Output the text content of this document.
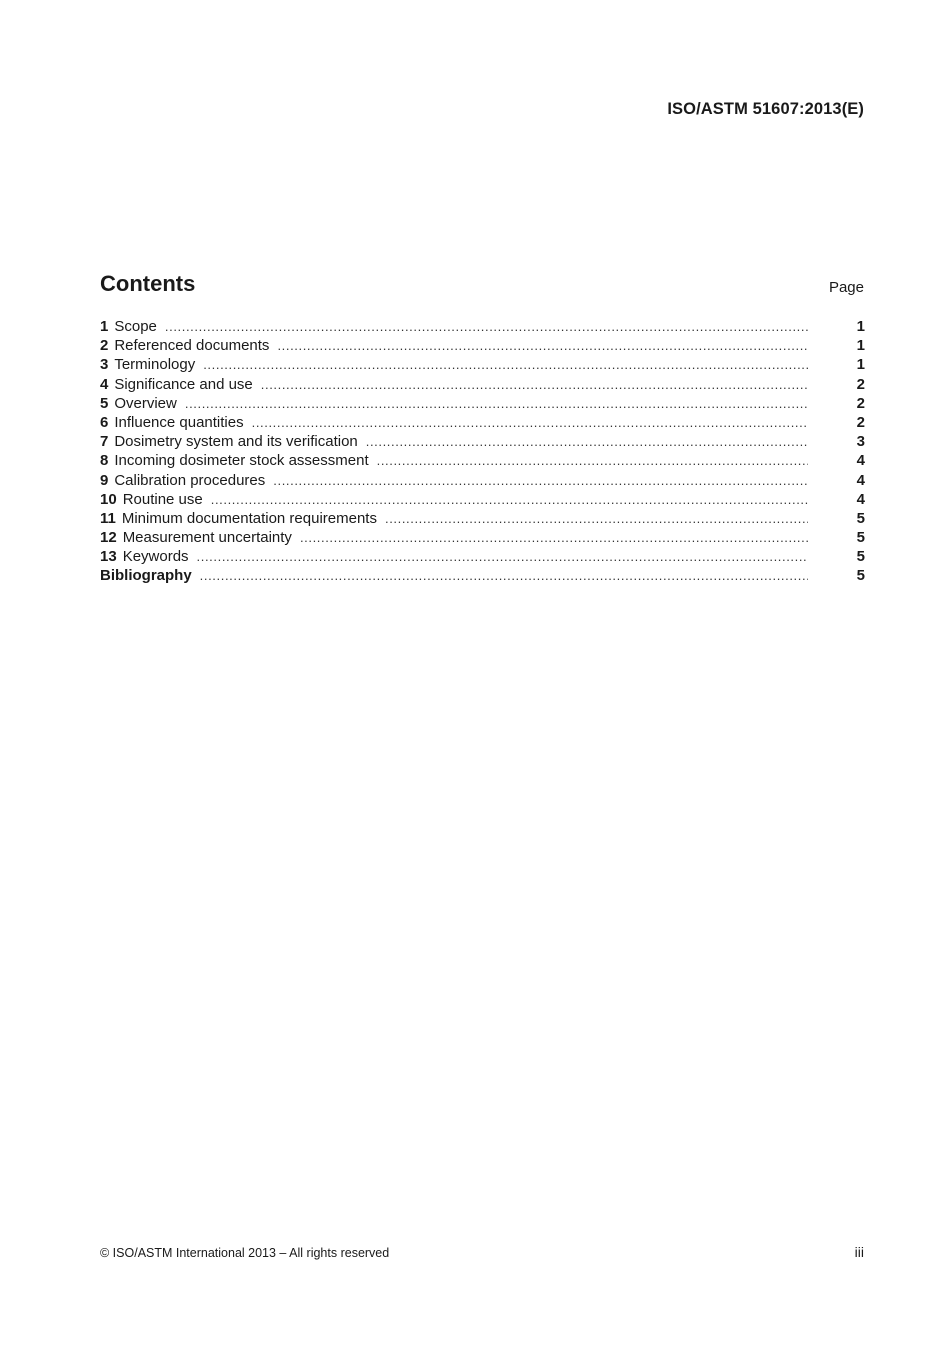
ISO/ASTM 51607:2013(E)
Contents	Page
1 Scope .....	1
2 Referenced documents .....	1
3 Terminology .....	1
4 Significance and use .....	2
5 Overview .....	2
6 Influence quantities .....	2
7 Dosimetry system and its verification .....	3
8 Incoming dosimeter stock assessment .....	4
9 Calibration procedures .....	4
10 Routine use .....	4
11 Minimum documentation requirements .....	5
12 Measurement uncertainty .....	5
13 Keywords .....	5
Bibliography .....	5
© ISO/ASTM International 2013 – All rights reserved	iii
